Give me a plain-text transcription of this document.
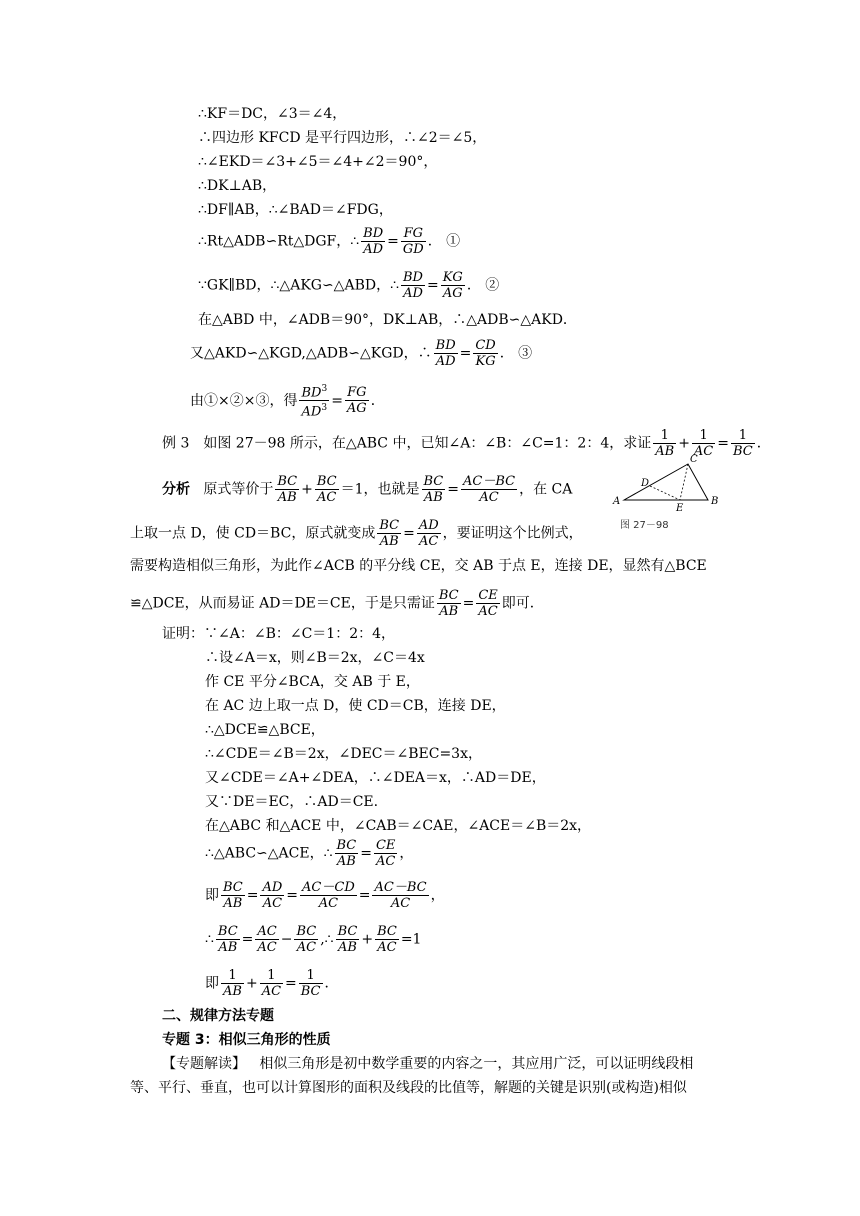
∴KF＝DC，∠3＝∠4，
∴四边形 KFCD 是平行四边形，∴∠2＝∠5，
∴∠EKD＝∠3+∠5＝∠4+∠2＝90°，
∴DK⊥AB，
∴DF∥AB，∴∠BAD＝∠FDG，
∴Rt△ADB∽Rt△DGF，∴ $\frac{BD}{AD} = \frac{FG}{GD}$ ． ①
∵GK∥BD，∴△AKG∽△ABD，∴ $\frac{BD}{AD} = \frac{KG}{AG}$ ． ②
在△ABD 中，∠ADB＝90°，DK⊥AB，∴△ADB∽△AKD．
又△AKD∽△KGD,△ADB∽△KGD，∴ $\frac{BD}{AD} = \frac{CD}{KG}$ ． ③
由①×②×③，得 $\frac{BD^3}{AD^3} = \frac{FG}{AG}$ ．
例 3　如图 27－98 所示，在△ABC 中，已知∠A：∠B：∠C=1：2：4，求证 $\frac{1}{AB} + \frac{1}{AC} = \frac{1}{BC}$ ．
分析 原式等价于 $\frac{BC}{AB} + \frac{BC}{AC} =1$，也就是 $\frac{BC}{AB} = \frac{AC-BC}{AC}$ ，在 CA
上取一点 D，使 CD＝BC，原式就变成 $\frac{BC}{AB} = \frac{AD}{AC}$ ，要证明这个比例式，
需要构造相似三角形，为此作∠ACB 的平分线 CE，交 AB 于点 E，连接 DE，显然有△BCE
≌△DCE，从而易证 AD＝DE＝CE，于是只需证 $\frac{BC}{AB} = \frac{CE}{AC}$ 即可．
证明：∵∠A：∠B：∠C＝1：2：4，
∴设∠A＝x，则∠B＝2x，∠C＝4x
作 CE 平分∠BCA，交 AB 于 E，
在 AC 边上取一点 D，使 CD＝CB，连接 DE，
∴△DCE≌△BCE，
∴∠CDE＝∠B＝2x，∠DEC＝∠BEC=3x，
又∠CDE＝∠A+∠DEA，∴∠DEA＝x，∴AD＝DE，
又∵DE＝EC，∴AD＝CE.
在△ABC 和△ACE 中，∠CAB＝∠CAE，∠ACE＝∠B＝2x，
∴△ABC∽△ACE，∴ $\frac{BC}{AB} = \frac{CE}{AC}$ ，
即 $\frac{BC}{AB} = \frac{AD}{AC} = \frac{AC-CD}{AC} = \frac{AC-BC}{AC}$ ，
∴ $\frac{BC}{AB} = \frac{AC}{AC} - \frac{BC}{AC}$ ,∴ $\frac{BC}{AB} + \frac{BC}{AC} =1$
即 $\frac{1}{AB} + \frac{1}{AC} = \frac{1}{BC}$ ．
二、规律方法专题
专题 3：相似三角形的性质
【专题解读】 相似三角形是初中数学重要的内容之一，其应用广泛，可以证明线段相
等、平行、垂直，也可以计算图形的面积及线段的比值等，解题的关键是识别(或构造)相似
A	B
C
D
E
图 27－98
